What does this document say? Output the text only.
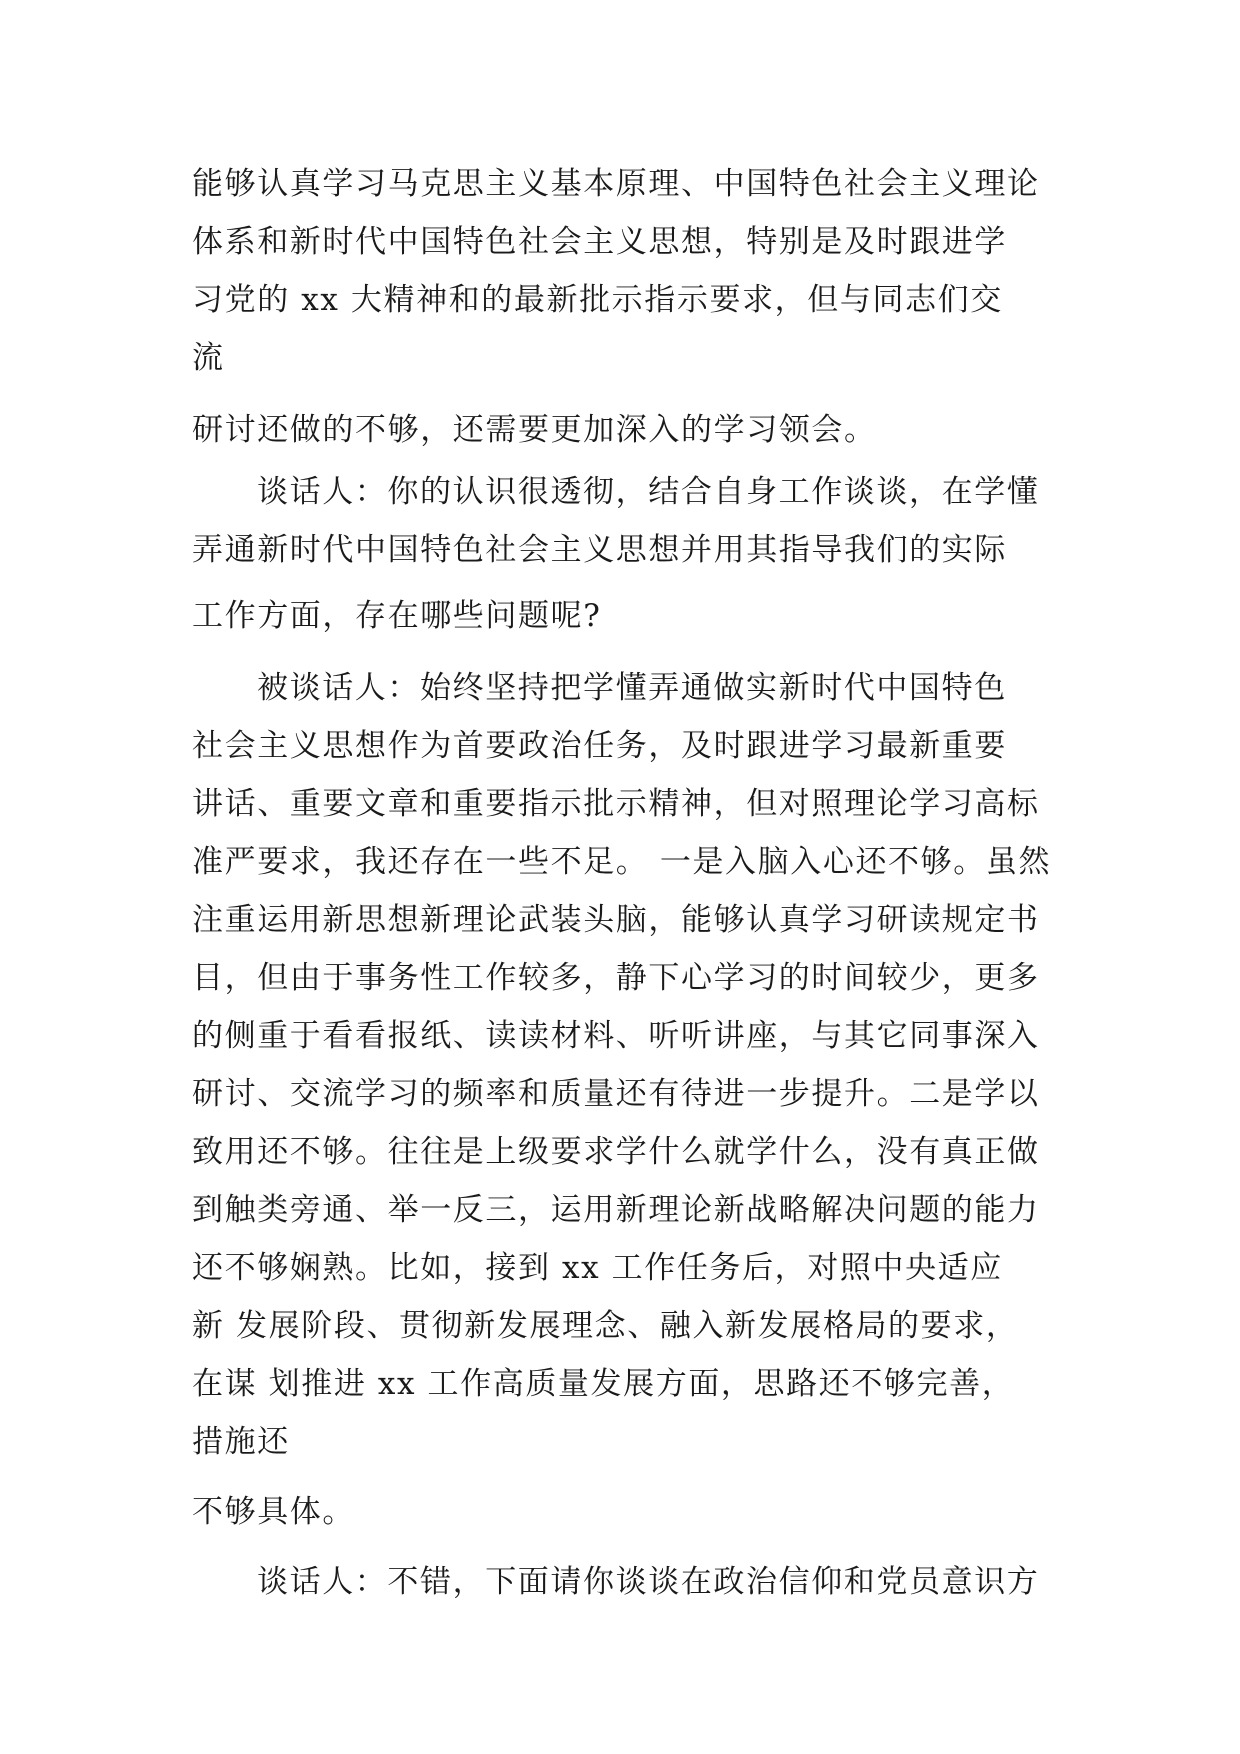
能够认真学习马克思主义基本原理、中国特色社会主义理论
体系和新时代中国特色社会主义思想，特别是及时跟进学
习党的 xx 大精神和的最新批示指示要求，但与同志们交
流
研讨还做的不够，还需要更加深入的学习领会。
谈话人：你的认识很透彻，结合自身工作谈谈，在学懂
弄通新时代中国特色社会主义思想并用其指导我们的实际
工作方面，存在哪些问题呢?
被谈话人：始终坚持把学懂弄通做实新时代中国特色
社会主义思想作为首要政治任务，及时跟进学习最新重要
讲话、重要文章和重要指示批示精神，但对照理论学习高标
准严要求，我还存在一些不足。 一是入脑入心还不够。虽然
注重运用新思想新理论武装头脑，能够认真学习研读规定书
目，但由于事务性工作较多，静下心学习的时间较少，更多
的侧重于看看报纸、读读材料、听听讲座，与其它同事深入
研讨、交流学习的频率和质量还有待进一步提升。二是学以
致用还不够。往往是上级要求学什么就学什么，没有真正做
到触类旁通、举一反三，运用新理论新战略解决问题的能力
还不够娴熟。比如，接到 xx 工作任务后，对照中央适应
新 发展阶段、贯彻新发展理念、融入新发展格局的要求，
在谋 划推进 xx 工作高质量发展方面，思路还不够完善，
措施还
不够具体。
谈话人：不错，下面请你谈谈在政治信仰和党员意识方
